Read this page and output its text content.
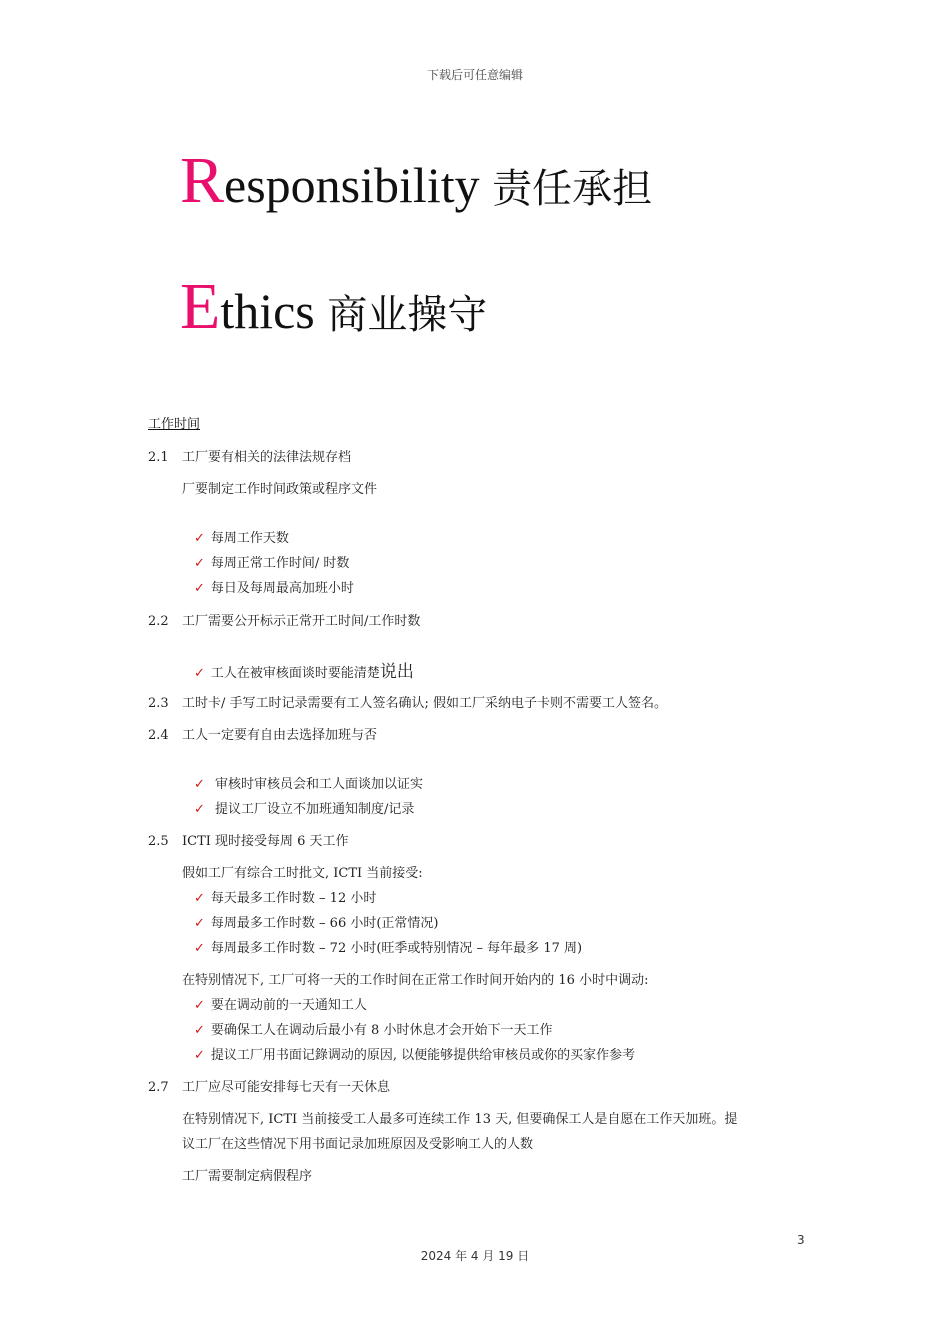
下载后可任意编辑
Responsibility 责任承担
Ethics 商业操守
工作时间
2.1 工厂要有相关的法律法规存档
厂要制定工作时间政策或程序文件
✓ 每周工作天数
✓ 每周正常工作时间/ 时数
✓ 每日及每周最高加班小时
2.2 工厂需要公开标示正常开工时间/工作时数
✓ 工人在被审核面谈时要能清楚说出
2.3 工时卡/ 手写工时记录需要有工人签名确认; 假如工厂采纳电子卡则不需要工人签名。
2.4 工人一定要有自由去选择加班与否
✓ 审核时审核员会和工人面谈加以证实
✓ 提议工厂设立不加班通知制度/记录
2.5 ICTI 现时接受每周 6 天工作
假如工厂有综合工时批文, ICTI 当前接受:
✓ 每天最多工作时数 – 12 小时
✓ 每周最多工作时数 – 66 小时(正常情况)
✓ 每周最多工作时数 – 72 小时(旺季或特别情况 – 每年最多 17 周)
在特别情况下, 工厂可将一天的工作时间在正常工作时间开始内的 16 小时中调动:
✓ 要在调动前的一天通知工人
✓ 要确保工人在调动后最小有 8 小时休息才会开始下一天工作
✓ 提议工厂用书面记錄调动的原因, 以便能够提供给审核员或你的买家作参考
2.7 工厂应尽可能安排每七天有一天休息
在特别情况下, ICTI 当前接受工人最多可连续工作 13 天, 但要确保工人是自愿在工作天加班。提
议工厂在这些情况下用书面记录加班原因及受影响工人的人数
工厂需要制定病假程序
3
2024 年 4 月 19 日
